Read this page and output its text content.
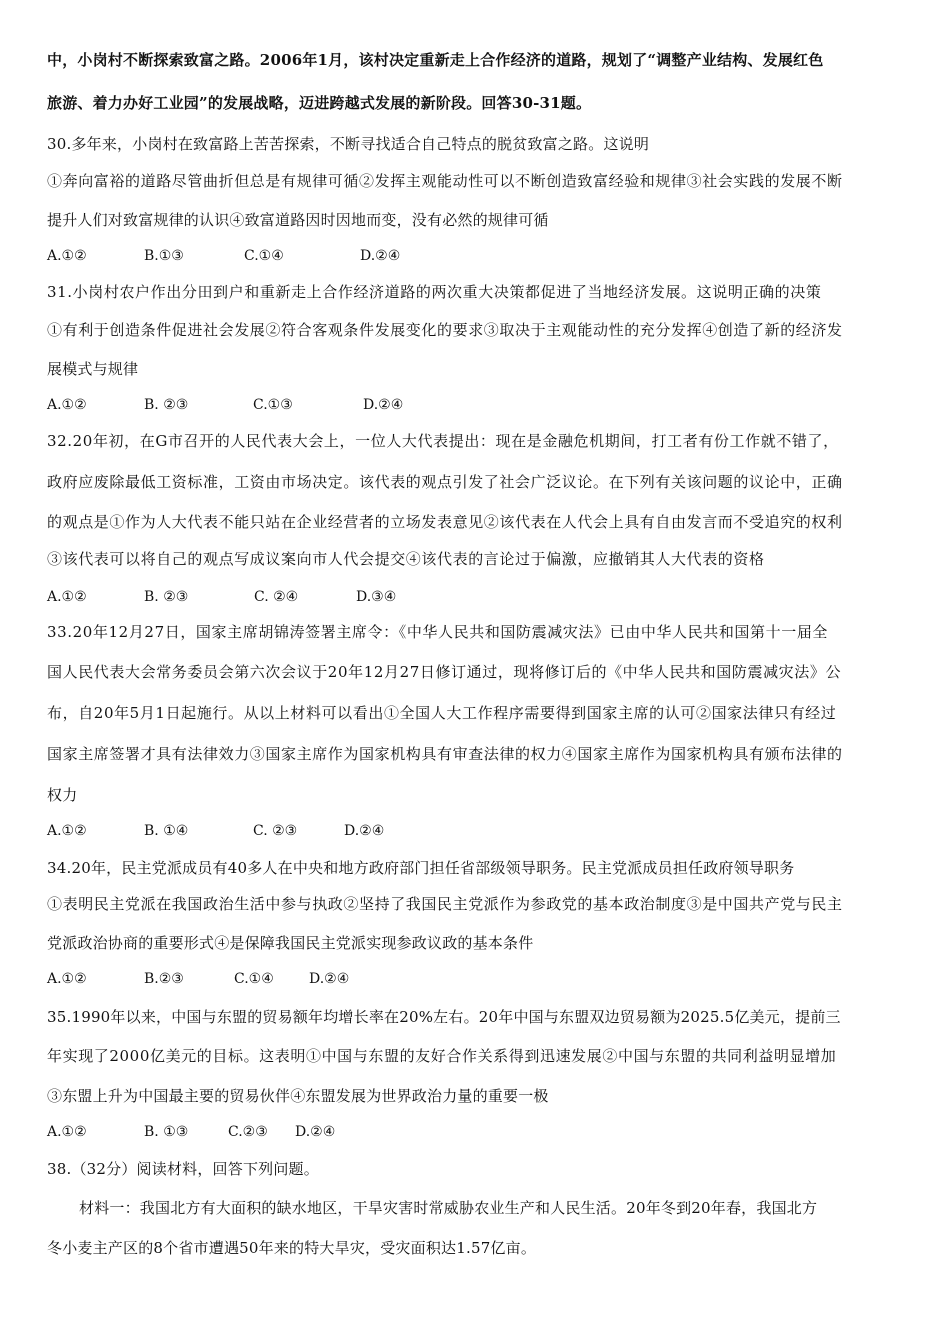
中，小岗村不断探索致富之路。2006年1月，该村决定重新走上合作经济的道路，规划了“调整产业结构、发展红色
旅游、着力办好工业园”的发展战略，迈进跨越式发展的新阶段。回答30-31题。
30.多年来，小岗村在致富路上苦苦探索，不断寻找适合自己特点的脱贫致富之路。这说明
①奔向富裕的道路尽管曲折但总是有规律可循②发挥主观能动性可以不断创造致富经验和规律③社会实践的发展不断
提升人们对致富规律的认识④致富道路因时因地而变，没有必然的规律可循
A.①②	B.①③	C.①④	D.②④
31.小岗村农户作出分田到户和重新走上合作经济道路的两次重大决策都促进了当地经济发展。这说明正确的决策
①有利于创造条件促进社会发展②符合客观条件发展变化的要求③取决于主观能动性的充分发挥④创造了新的经济发
展模式与规律
A.①②	B. ②③	C.①③	D.②④
32.20年初，在G市召开的人民代表大会上，一位人大代表提出：现在是金融危机期间，打工者有份工作就不错了，
政府应废除最低工资标准，工资由市场决定。该代表的观点引发了社会广泛议论。在下列有关该问题的议论中，正确
的观点是①作为人大代表不能只站在企业经营者的立场发表意见②该代表在人代会上具有自由发言而不受追究的权利
③该代表可以将自己的观点写成议案向市人代会提交④该代表的言论过于偏激，应撤销其人大代表的资格
A.①②	B. ②③	C. ②④	D.③④
33.20年12月27日，国家主席胡锦涛签署主席令：《中华人民共和国防震减灾法》已由中华人民共和国第十一届全
国人民代表大会常务委员会第六次会议于20年12月27日修订通过，现将修订后的《中华人民共和国防震减灾法》公
布，自20年5月1日起施行。从以上材料可以看出①全国人大工作程序需要得到国家主席的认可②国家法律只有经过
国家主席签署才具有法律效力③国家主席作为国家机构具有审查法律的权力④国家主席作为国家机构具有颁布法律的
权力
A.①②	B. ①④	C. ②③	D.②④
34.20年，民主党派成员有40多人在中央和地方政府部门担任省部级领导职务。民主党派成员担任政府领导职务
①表明民主党派在我国政治生活中参与执政②坚持了我国民主党派作为参政党的基本政治制度③是中国共产党与民主
党派政治协商的重要形式④是保障我国民主党派实现参政议政的基本条件
A.①②	B.②③	C.①④	D.②④
35.1990年以来，中国与东盟的贸易额年均增长率在20%左右。20年中国与东盟双边贸易额为2025.5亿美元，提前三
年实现了2000亿美元的目标。这表明①中国与东盟的友好合作关系得到迅速发展②中国与东盟的共同利益明显增加
③东盟上升为中国最主要的贸易伙伴④东盟发展为世界政治力量的重要一极
A.①②	B. ①③	C.②③ D.②④
38.（32分）阅读材料，回答下列问题。
材料一：我国北方有大面积的缺水地区，干旱灾害时常威胁农业生产和人民生活。20年冬到20年春，我国北方
冬小麦主产区的8个省市遭遇50年来的特大旱灾，受灾面积达1.57亿亩。
